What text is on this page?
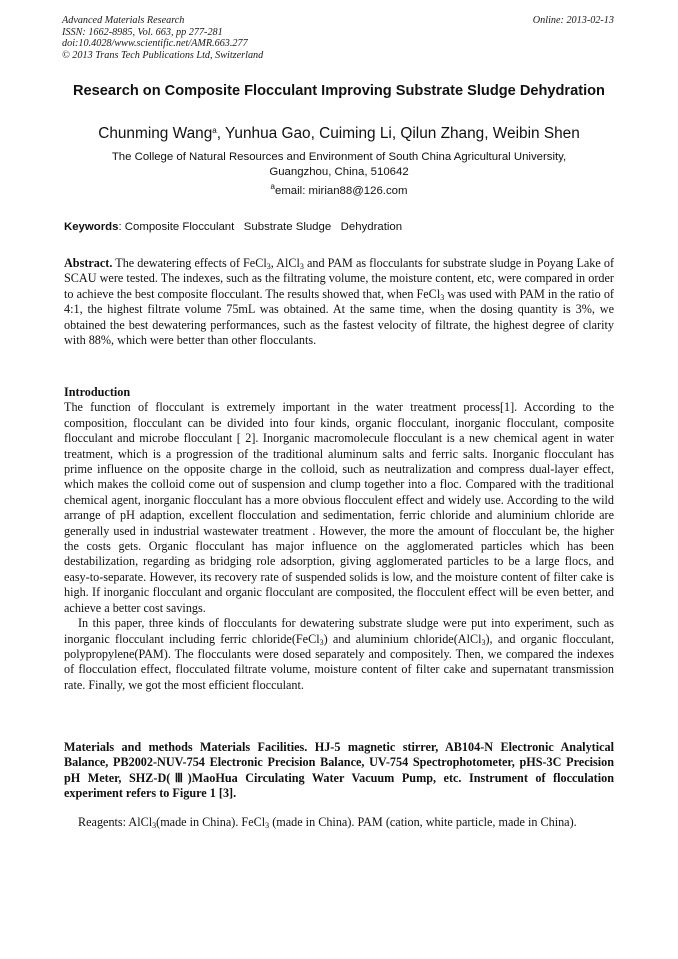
Advanced Materials Research
ISSN: 1662-8985, Vol. 663, pp 277-281
doi:10.4028/www.scientific.net/AMR.663.277
© 2013 Trans Tech Publications Ltd, Switzerland
Online: 2013-02-13
Research on Composite Flocculant Improving Substrate Sludge Dehydration
Chunming Wang$^a$, Yunhua Gao, Cuiming Li, Qilun Zhang, Weibin Shen
The College of Natural Resources and Environment of South China Agricultural University,
Guangzhou, China, 510642
$^a$email: mirian88@126.com
Keywords: Composite Flocculant   Substrate Sludge   Dehydration

Abstract. The dewatering effects of FeCl$_3$, AlCl$_3$ and PAM as flocculants for substrate sludge in Poyang Lake of SCAU were tested. The indexes, such as the filtrating volume, the moisture content, etc, were compared in order to achieve the best composite flocculant. The results showed that, when FeCl$_3$ was used with PAM in the ratio of 4:1, the highest filtrate volume 75mL was obtained. At the same time, when the dosing quantity is 3%, we obtained the best dewatering performances, such as the fastest velocity of filtrate, the highest degree of clarity with 88%, which were better than other flocculants.

Introduction

The function of flocculant is extremely important in the water treatment process[1]. According to the composition, flocculant can be divided into four kinds, organic flocculant, inorganic flocculant, composite flocculant and microbe flocculant [ 2]. Inorganic macromolecule flocculant is a new chemical agent in water treatment, which is a progression of the traditional aluminum salts and ferric salts. Inorganic flocculant has prime influence on the opposite charge in the colloid, such as neutralization and compress dual-layer effect, which makes the colloid come out of suspension and clump together into a floc. Compared with the traditional chemical agent, inorganic flocculant has a more obvious flocculent effect and widely use. According to the wild arrange of pH adaption, excellent flocculation and sedimentation, ferric chloride and aluminium chloride are generally used in industrial wastewater treatment . However, the more the amount of flocculant be, the higher the costs gets. Organic flocculant has major influence on the agglomerated particles which has been destabilization, regarding as bridging role adsorption, giving agglomerated particles to be a large flocs, and easy-to-separate. However, its recovery rate of suspended solids is low, and the moisture content of filter cake is high. If inorganic flocculant and organic flocculant are composited, the flocculent effect will be even better, and achieve a better cost savings.

In this paper, three kinds of flocculants for dewatering substrate sludge were put into experiment, such as inorganic flocculant including ferric chloride(FeCl$_3$) and aluminium chloride(AlCl$_3$), and organic flocculant, polypropylene(PAM). The flocculants were dosed separately and compositely. Then, we compared the indexes of flocculation effect, flocculated filtrate volume, moisture content of filter cake and supernatant transmission rate. Finally, we got the most efficient flocculant.

Materials and methods Materials Facilities. HJ-5 magnetic stirrer, AB104-N Electronic Analytical Balance, PB2002-NUV-754 Electronic Precision Balance, UV-754 Spectrophotometer, pHS-3C Precision pH Meter, SHZ-D(Ⅲ)MaoHua Circulating Water Vacuum Pump, etc. Instrument of flocculation experiment refers to Figure 1 [3].

Reagents: AlCl$_3$(made in China). FeCl$_3$ (made in China). PAM (cation, white particle, made in China).
